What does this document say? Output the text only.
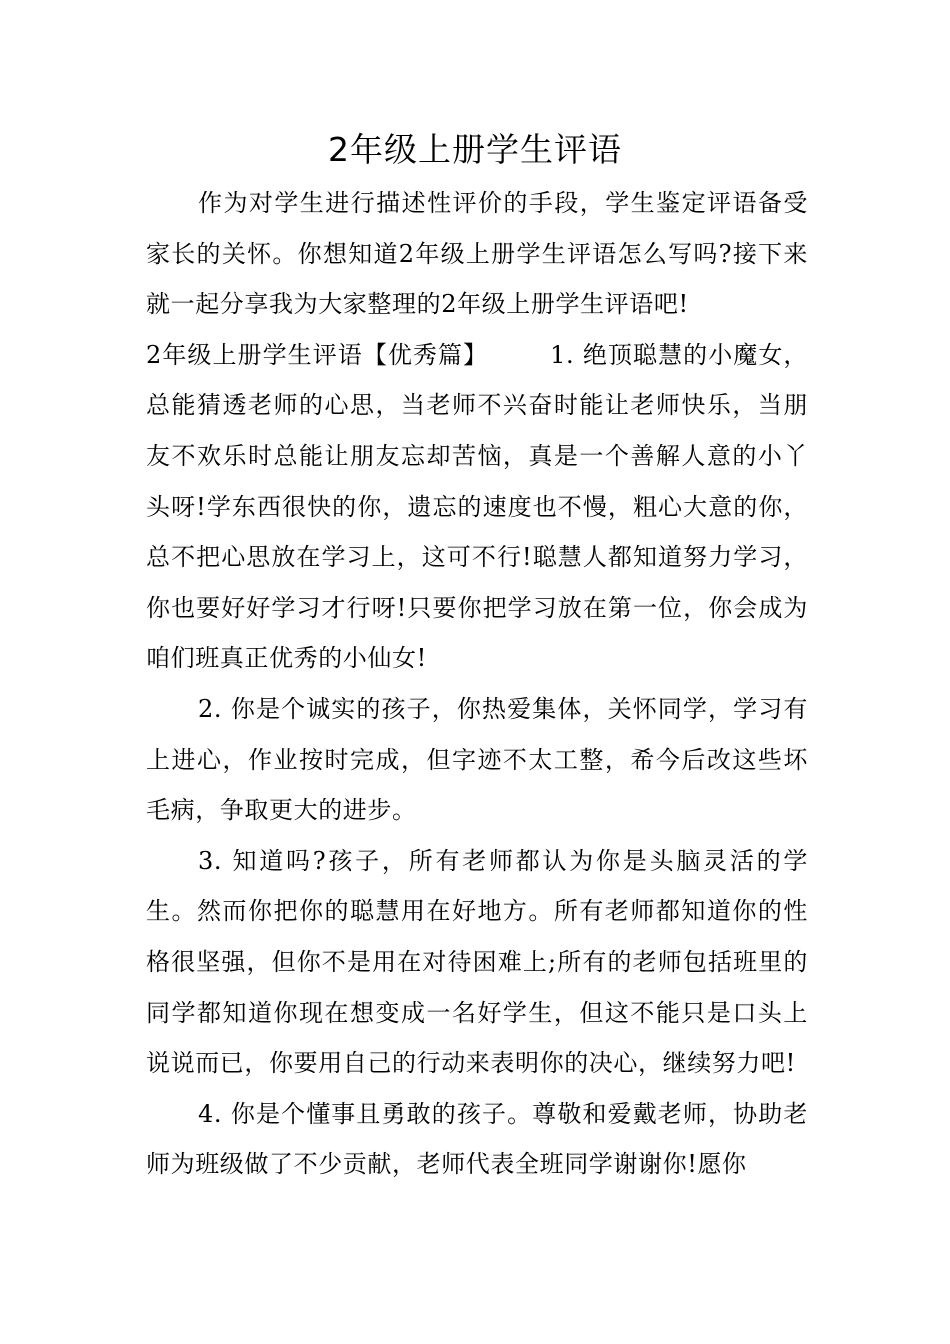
2年级上册学生评语

作为对学生进行描述性评价的手段，学生鉴定评语备受家长的关怀。你想知道2年级上册学生评语怎么写吗?接下来就一起分享我为大家整理的2年级上册学生评语吧!

2年级上册学生评语【优秀篇】	1. 绝顶聪慧的小魔女，总能猜透老师的心思，当老师不兴奋时能让老师快乐，当朋友不欢乐时总能让朋友忘却苦恼，真是一个善解人意的小丫头呀!学东西很快的你，遗忘的速度也不慢，粗心大意的你，总不把心思放在学习上，这可不行!聪慧人都知道努力学习，你也要好好学习才行呀!只要你把学习放在第一位，你会成为咱们班真正优秀的小仙女!

2. 你是个诚实的孩子，你热爱集体，关怀同学，学习有上进心，作业按时完成，但字迹不太工整，希今后改这些坏毛病，争取更大的进步。

3. 知道吗?孩子，所有老师都认为你是头脑灵活的学生。然而你把你的聪慧用在好地方。所有老师都知道你的性格很坚强，但你不是用在对待困难上;所有的老师包括班里的同学都知道你现在想变成一名好学生，但这不能只是口头上说说而已，你要用自己的行动来表明你的决心，继续努力吧!

4. 你是个懂事且勇敢的孩子。尊敬和爱戴老师，协助老师为班级做了不少贡献，老师代表全班同学谢谢你!愿你
